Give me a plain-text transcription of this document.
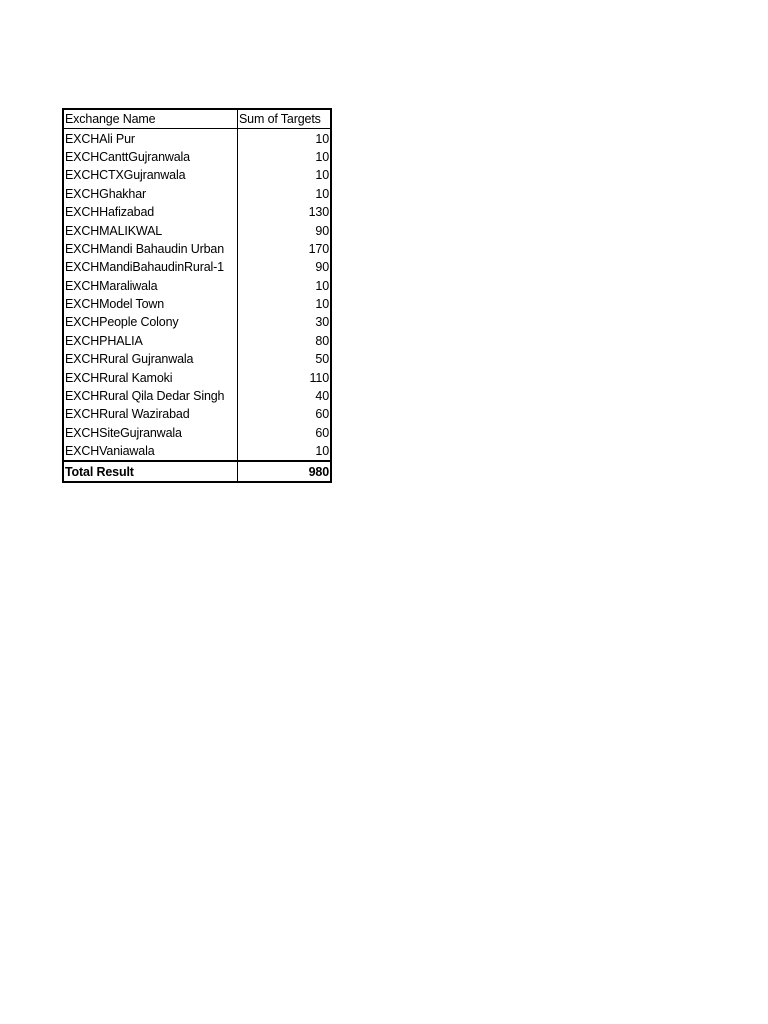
Exchange Name	Sum of Targets
EXCHAli Pur	10
EXCHCanttGujranwala	10
EXCHCTXGujranwala	10
EXCHGhakhar	10
EXCHHafizabad	130
EXCHMALIKWAL	90
EXCHMandi Bahaudin Urban	170
EXCHMandiBahaudinRural-1	90
EXCHMaraliwala	10
EXCHModel Town	10
EXCHPeople Colony	30
EXCHPHALIA	80
EXCHRural Gujranwala	50
EXCHRural Kamoki	110
EXCHRural Qila Dedar Singh	40
EXCHRural Wazirabad	60
EXCHSiteGujranwala	60
EXCHVaniawala	10
Total Result	980
